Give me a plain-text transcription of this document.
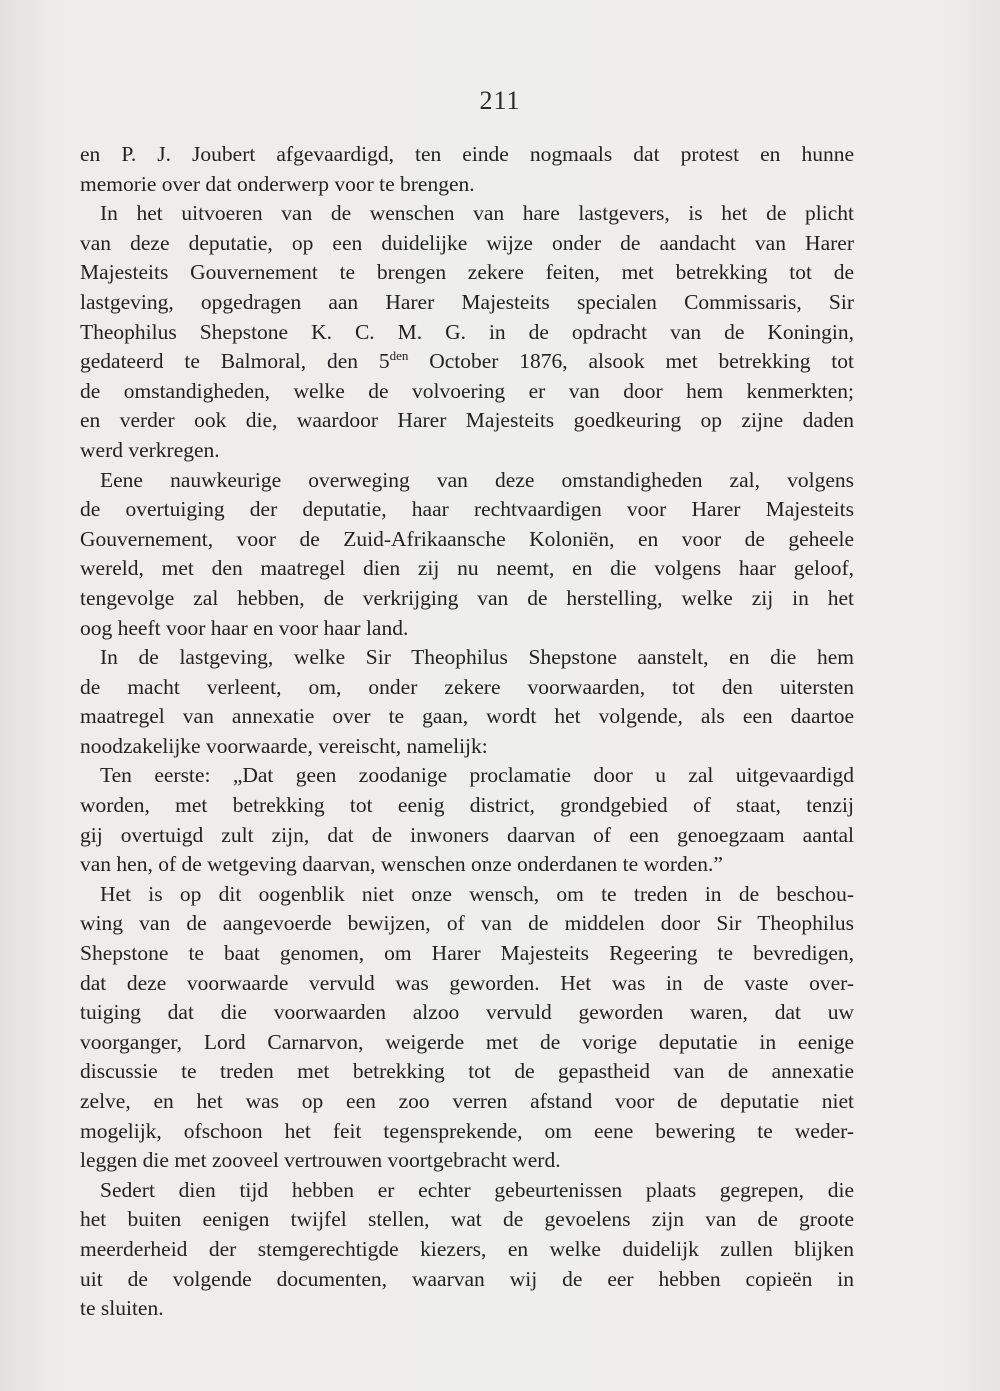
211

en P. J. Joubert afgevaardigd, ten einde nogmaals dat protest en hunne
memorie over dat onderwerp voor te brengen.

In het uitvoeren van de wenschen van hare lastgevers, is het de plicht
van deze deputatie, op een duidelijke wijze onder de aandacht van Harer
Majesteits Gouvernement te brengen zekere feiten, met betrekking tot de
lastgeving, opgedragen aan Harer Majesteits specialen Commissaris, Sir
Theophilus Shepstone K. C. M. G. in de opdracht van de Koningin,
gedateerd te Balmoral, den $5^{den}$ October 1876, alsook met betrekking tot
de omstandigheden, welke de volvoering er van door hem kenmerkten;
en verder ook die, waardoor Harer Majesteits goedkeuring op zijne daden
werd verkregen.

Eene nauwkeurige overweging van deze omstandigheden zal, volgens
de overtuiging der deputatie, haar rechtvaardigen voor Harer Majesteits
Gouvernement, voor de Zuid-Afrikaansche Koloniën, en voor de geheele
wereld, met den maatregel dien zij nu neemt, en die volgens haar geloof,
tengevolge zal hebben, de verkrijging van de herstelling, welke zij in het
oog heeft voor haar en voor haar land.

In de lastgeving, welke Sir Theophilus Shepstone aanstelt, en die hem
de macht verleent, om, onder zekere voorwaarden, tot den uitersten
maatregel van annexatie over te gaan, wordt het volgende, als een daartoe
noodzakelijke voorwaarde, vereischt, namelijk:

Ten eerste: „Dat geen zoodanige proclamatie door u zal uitgevaardigd
worden, met betrekking tot eenig district, grondgebied of staat, tenzij
gij overtuigd zult zijn, dat de inwoners daarvan of een genoegzaam aantal
van hen, of de wetgeving daarvan, wenschen onze onderdanen te worden.”

Het is op dit oogenblik niet onze wensch, om te treden in de beschou-
wing van de aangevoerde bewijzen, of van de middelen door Sir Theophilus
Shepstone te baat genomen, om Harer Majesteits Regeering te bevredigen,
dat deze voorwaarde vervuld was geworden. Het was in de vaste over-
tuiging dat die voorwaarden alzoo vervuld geworden waren, dat uw
voorganger, Lord Carnarvon, weigerde met de vorige deputatie in eenige
discussie te treden met betrekking tot de gepastheid van de annexatie
zelve, en het was op een zoo verren afstand voor de deputatie niet
mogelijk, ofschoon het feit tegensprekende, om eene bewering te weder-
leggen die met zooveel vertrouwen voortgebracht werd.

Sedert dien tijd hebben er echter gebeurtenissen plaats gegrepen, die
het buiten eenigen twijfel stellen, wat de gevoelens zijn van de groote
meerderheid der stemgerechtigde kiezers, en welke duidelijk zullen blijken
uit de volgende documenten, waarvan wij de eer hebben copieën in
te sluiten.
